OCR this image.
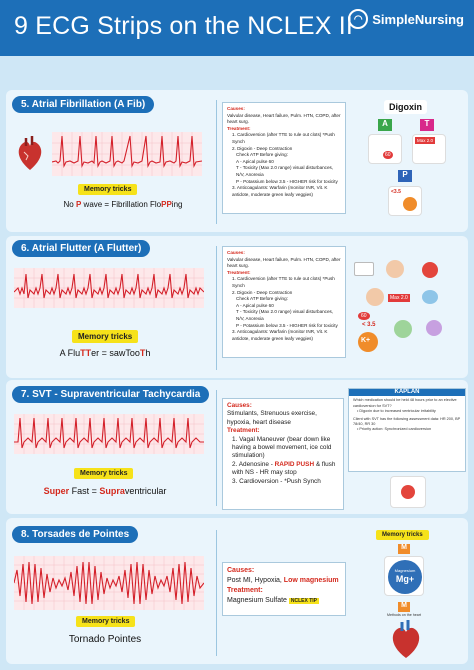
9 ECG Strips on the NCLEX II ◠ SimpleNursing
5. Atrial Fibrillation (A Fib)
Memory tricks
No P wave = Fibrillation FloPPing
Causes:
Valvular disease, Heart failure, Pulm. HTN, COPD, after heart surg.
Treatment:
1. Cardioversion (after TTE to rule out clots) *Push Synch
2. Digoxin - Deep Contraction
Check ATP Before giving:
A - Apical pulse 60
T - Toxicity (Max 2.0 range) visual disturbances, N/V, Anorexia
P - Potassium below 3.5 - HIGHER risk for toxicity
3. Anticoagulants: Warfarin (monitor INR, Vit. K antidote, moderate green leafy veggies)
Digoxin
A	T
60
Max 2.0
P
<3.5
6. Atrial Flutter (A Flutter)
Memory tricks
A FluTTer = sawTooTh
Causes:
Valvular disease, Heart failure, Pulm. HTN, COPD, after heart surg.
Treatment:
1. Cardioversion (after TTE to rule out clots) *Push Synch
2. Digoxin - Deep Contraction
Check ATP Before giving:
A - Apical pulse 60
T - Toxicity (Max 2.0 range) visual disturbances, N/V, Anorexia
P - Potassium below 3.5 - HIGHER risk for toxicity
3. Anticoagulants: Warfarin (monitor INR, Vit. K antidote, moderate green leafy veggies)
Max 2.0
60
< 3.5
K+
7. SVT - Supraventricular Tachycardia
Memory tricks
Super Fast = Supraventricular
Causes:
Stimulants, Strenuous exercise, hypoxia, heart disease
Treatment:
1. Vagal Maneuver (bear down like having a bowel movement, ice cold stimulation)
2. Adenosine - RAPID PUSH & flush with NS - HR may stop
3. Cardioversion - *Push Synch
KAPLAN
Which medication should be held 48 hours prior to an elective cardioversion for SVT?
• Digoxin due to increased ventricular irritability
Client with SVT has the following assessment data: HR 200, BP 78/40, RR 30
• Priority action: Synchronized cardioversion
8. Torsades de Pointes
Memory tricks
Tornado Pointes
Causes:
Post MI, Hypoxia, Low magnesium
Treatment:
Magnesium Sulfate NCLEX TIP
Memory tricks
M
Magnesium
Mg+
M
Methods on the heart
